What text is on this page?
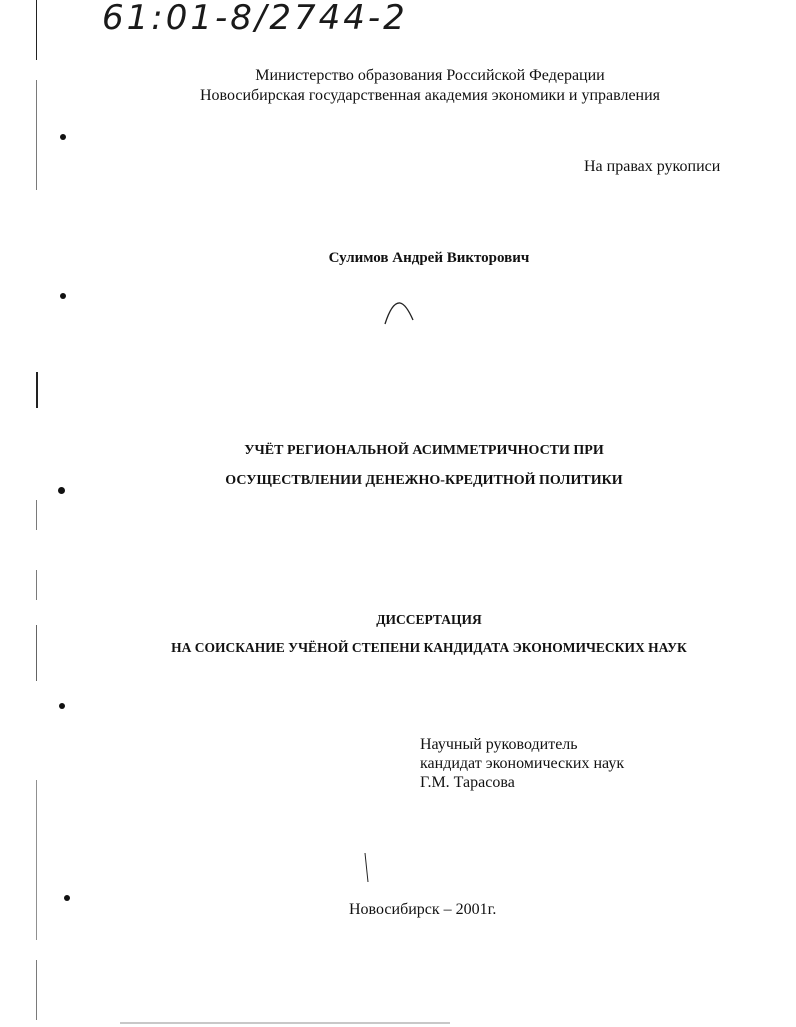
61:01-8/2744-2
Министерство образования Российской Федерации
Новосибирская государственная академия экономики и управления
На правах рукописи
Сулимов Андрей Викторович
УЧЁТ РЕГИОНАЛЬНОЙ АСИММЕТРИЧНОСТИ ПРИ
ОСУЩЕСТВЛЕНИИ ДЕНЕЖНО-КРЕДИТНОЙ ПОЛИТИКИ
ДИССЕРТАЦИЯ
НА СОИСКАНИЕ УЧЁНОЙ СТЕПЕНИ КАНДИДАТА ЭКОНОМИЧЕСКИХ НАУК
Научный руководитель
кандидат экономических наук
Г.М. Тарасова
Новосибирск – 2001г.
